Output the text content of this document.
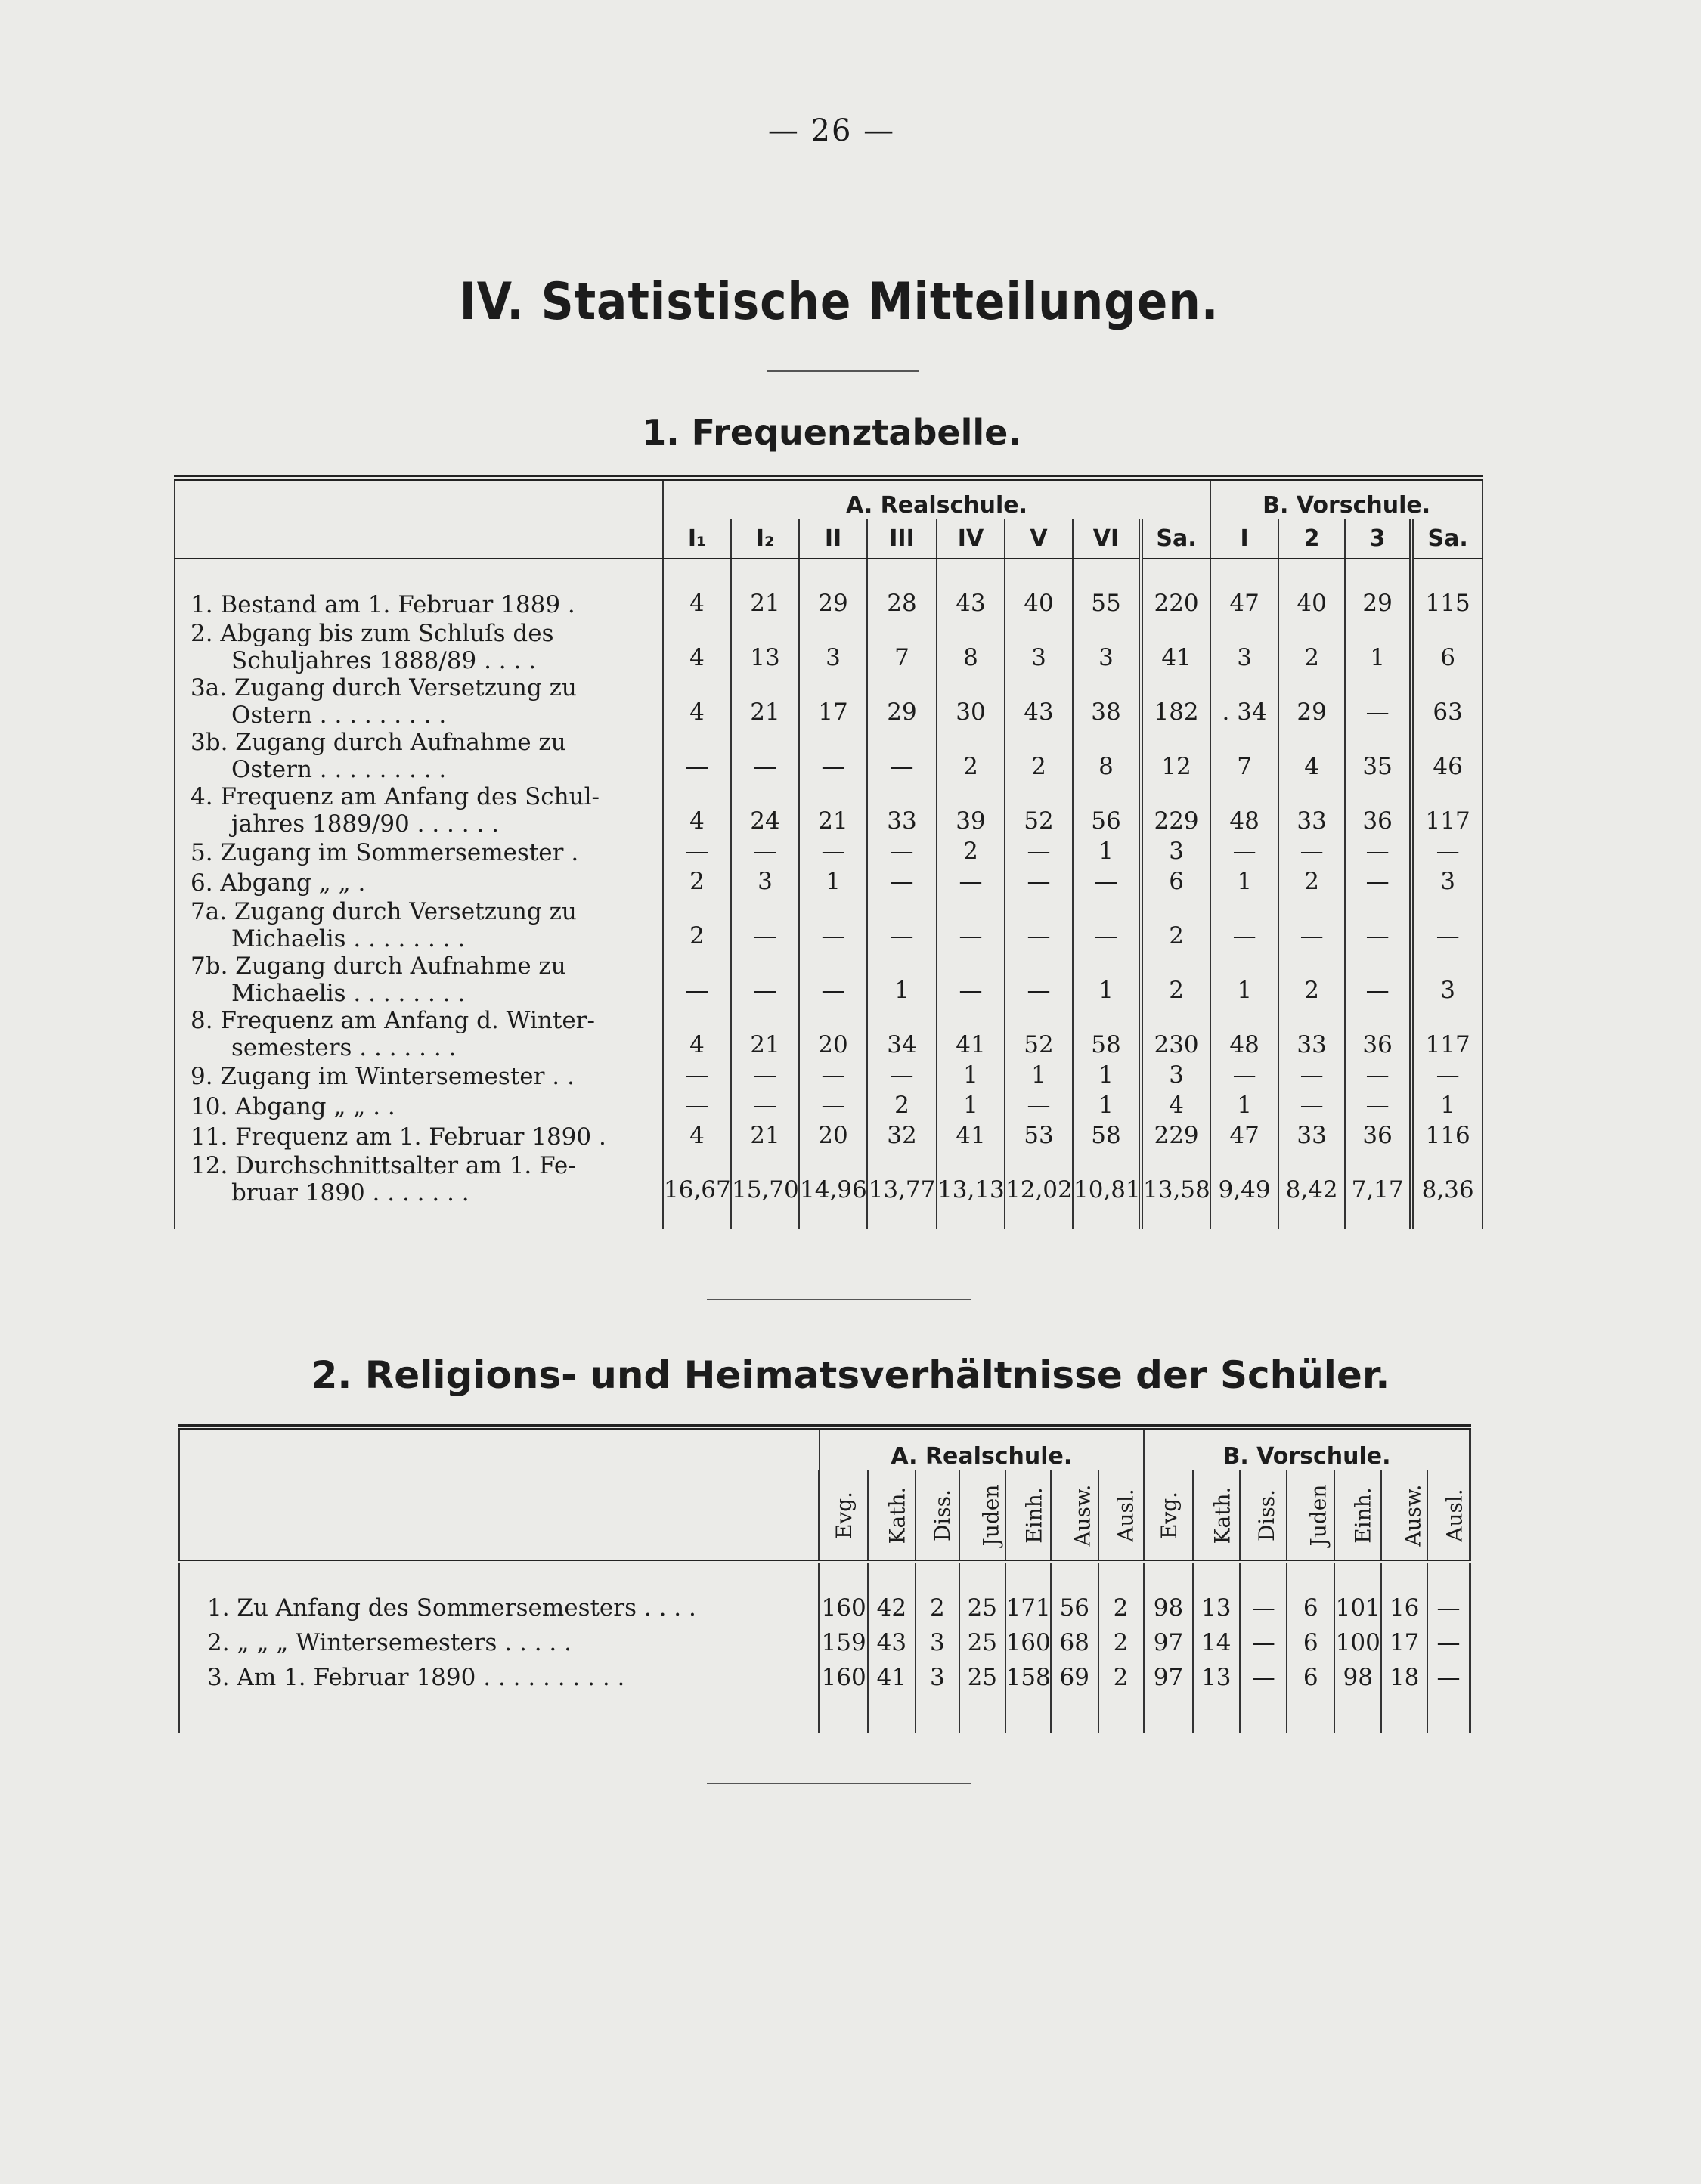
— 26 —
IV. Statistische Mitteilungen.
1. Frequenztabelle.
	A. Realschule.								B. Vorschule.			
	I₁	I₂	II	III	IV	V	VI	Sa.	I	2	3	Sa.

1. Bestand am 1. Februar 1889 .	4	21	29	28	43	40	55	220	47	40	29	115

2. Abgang bis zum Schluſs des
Schuljahres 1888/89 . . . .	4	13	3	7	8	3	3	41	3	2	1	6

3a. Zugang durch Versetzung zu
Ostern . . . . . . . . .	4	21	17	29	30	43	38	182	. 34	29	—	63

3b. Zugang durch Aufnahme zu
Ostern . . . . . . . . .	—	—	—	—	2	2	8	12	7	4	35	46

4. Frequenz am Anfang des Schul-
jahres 1889/90 . . . . . .	4	24	21	33	39	52	56	229	48	33	36	117

5. Zugang im Sommersemester .	—	—	—	—	2	—	1	3	—	—	—	—

6. Abgang „ „ .	2	3	1	—	—	—	—	6	1	2	—	3

7a. Zugang durch Versetzung zu
Michaelis . . . . . . . .	2	—	—	—	—	—	—	2	—	—	—	—

7b. Zugang durch Aufnahme zu
Michaelis . . . . . . . .	—	—	—	1	—	—	1	2	1	2	—	3

8. Frequenz am Anfang d. Winter-
semesters . . . . . . .	4	21	20	34	41	52	58	230	48	33	36	117

9. Zugang im Wintersemester . .	—	—	—	—	1	1	1	3	—	—	—	—

10. Abgang „ „ . .	—	—	—	2	1	—	1	4	1	—	—	1

11. Frequenz am 1. Februar 1890 .	4	21	20	32	41	53	58	229	47	33	36	116

12. Durchschnittsalter am 1. Fe-
bruar 1890 . . . . . . .	16,67	15,70	14,96	13,77	13,13	12,02	10,81	13,58	9,49	8,42	7,17	8,36

2. Religions- und Heimatsverhältnisse der Schüler.
	A. Realschule.							B. Vorschule.						
	Evg.	Kath.	Diss.	Juden	Einh.	Ausw.	Ausl.	Evg.	Kath.	Diss.	Juden	Einh.	Ausw.	Ausl.

1. Zu Anfang des Sommersemesters . . . .	160	42	2	25	171	56	2	98	13	—	6	101	16	—
2. „ „ „ Wintersemesters . . . . .	159	43	3	25	160	68	2	97	14	—	6	100	17	—
3. Am 1. Februar 1890 . . . . . . . . . .	160	41	3	25	158	69	2	97	13	—	6	98	18	—
